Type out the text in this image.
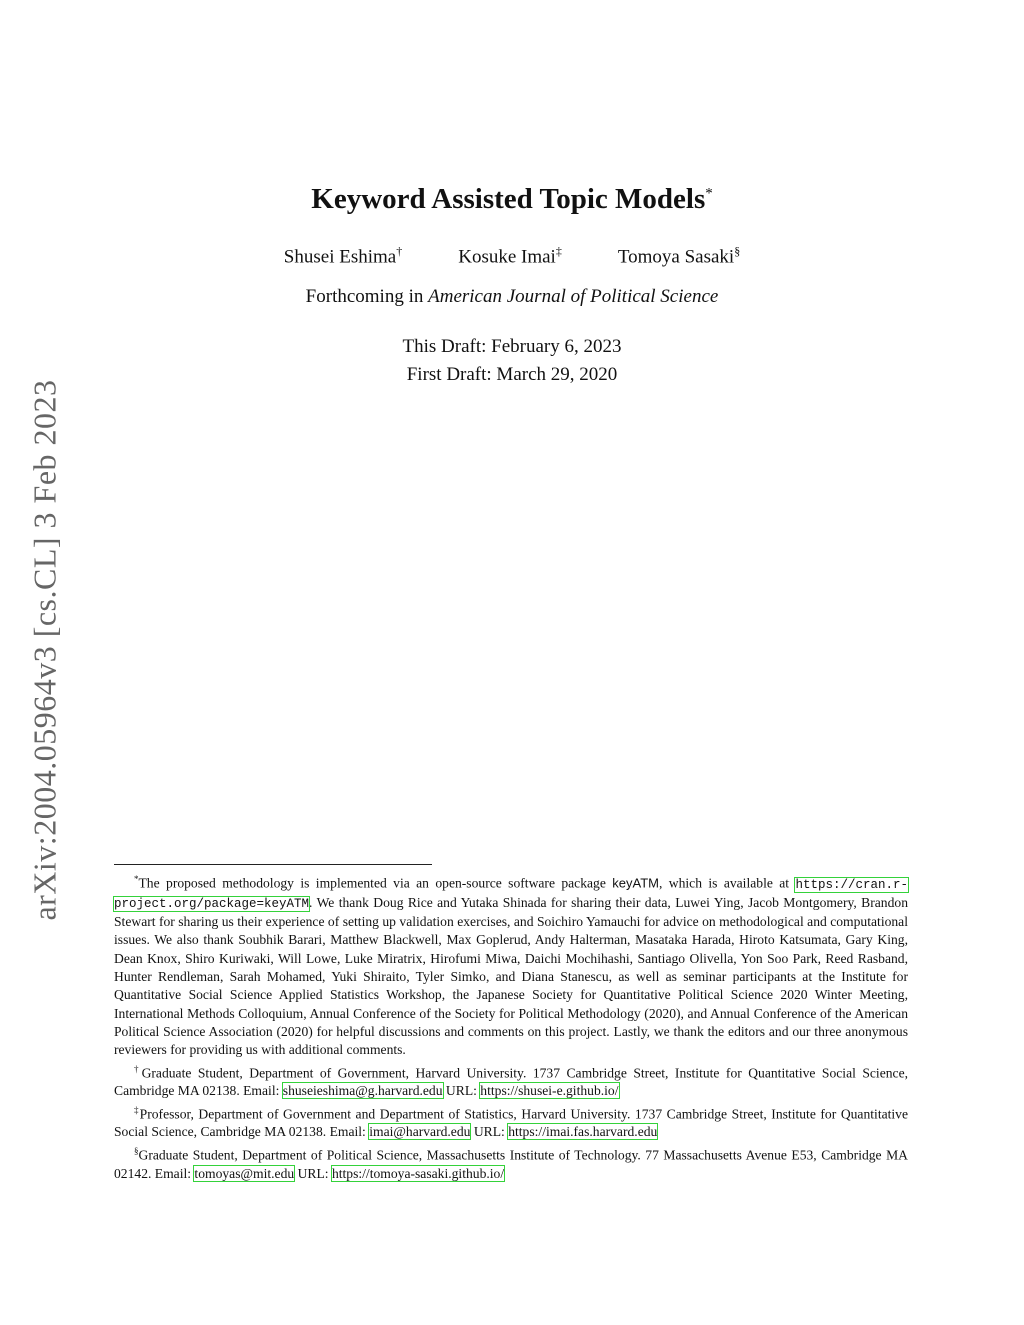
arXiv:2004.05964v3 [cs.CL] 3 Feb 2023
Keyword Assisted Topic Models*
Shusei Eshima†	Kosuke Imai‡	Tomoya Sasaki§
Forthcoming in American Journal of Political Science
This Draft: February 6, 2023
First Draft: March 29, 2020

*The proposed methodology is implemented via an open-source software package keyATM, which is available at https://cran.r-project.org/package=keyATM. We thank Doug Rice and Yutaka Shinada for sharing their data, Luwei Ying, Jacob Montgomery, Brandon Stewart for sharing us their experience of setting up validation exercises, and Soichiro Yamauchi for advice on methodological and computational issues. We also thank Soubhik Barari, Matthew Blackwell, Max Goplerud, Andy Halterman, Masataka Harada, Hiroto Katsumata, Gary King, Dean Knox, Shiro Kuriwaki, Will Lowe, Luke Miratrix, Hirofumi Miwa, Daichi Mochihashi, Santiago Olivella, Yon Soo Park, Reed Rasband, Hunter Rendleman, Sarah Mohamed, Yuki Shiraito, Tyler Simko, and Diana Stanescu, as well as seminar participants at the Institute for Quantitative Social Science Applied Statistics Workshop, the Japanese Society for Quantitative Political Science 2020 Winter Meeting, International Methods Colloquium, Annual Conference of the Society for Political Methodology (2020), and Annual Conference of the American Political Science Association (2020) for helpful discussions and comments on this project. Lastly, we thank the editors and our three anonymous reviewers for providing us with additional comments.

†Graduate Student, Department of Government, Harvard University. 1737 Cambridge Street, Institute for Quantitative Social Science, Cambridge MA 02138. Email: shuseieshima@g.harvard.edu URL: https://shusei-e.github.io/

‡Professor, Department of Government and Department of Statistics, Harvard University. 1737 Cambridge Street, Institute for Quantitative Social Science, Cambridge MA 02138. Email: imai@harvard.edu URL: https://imai.fas.harvard.edu

§Graduate Student, Department of Political Science, Massachusetts Institute of Technology. 77 Massachusetts Avenue E53, Cambridge MA 02142. Email: tomoyas@mit.edu URL: https://tomoya-sasaki.github.io/
